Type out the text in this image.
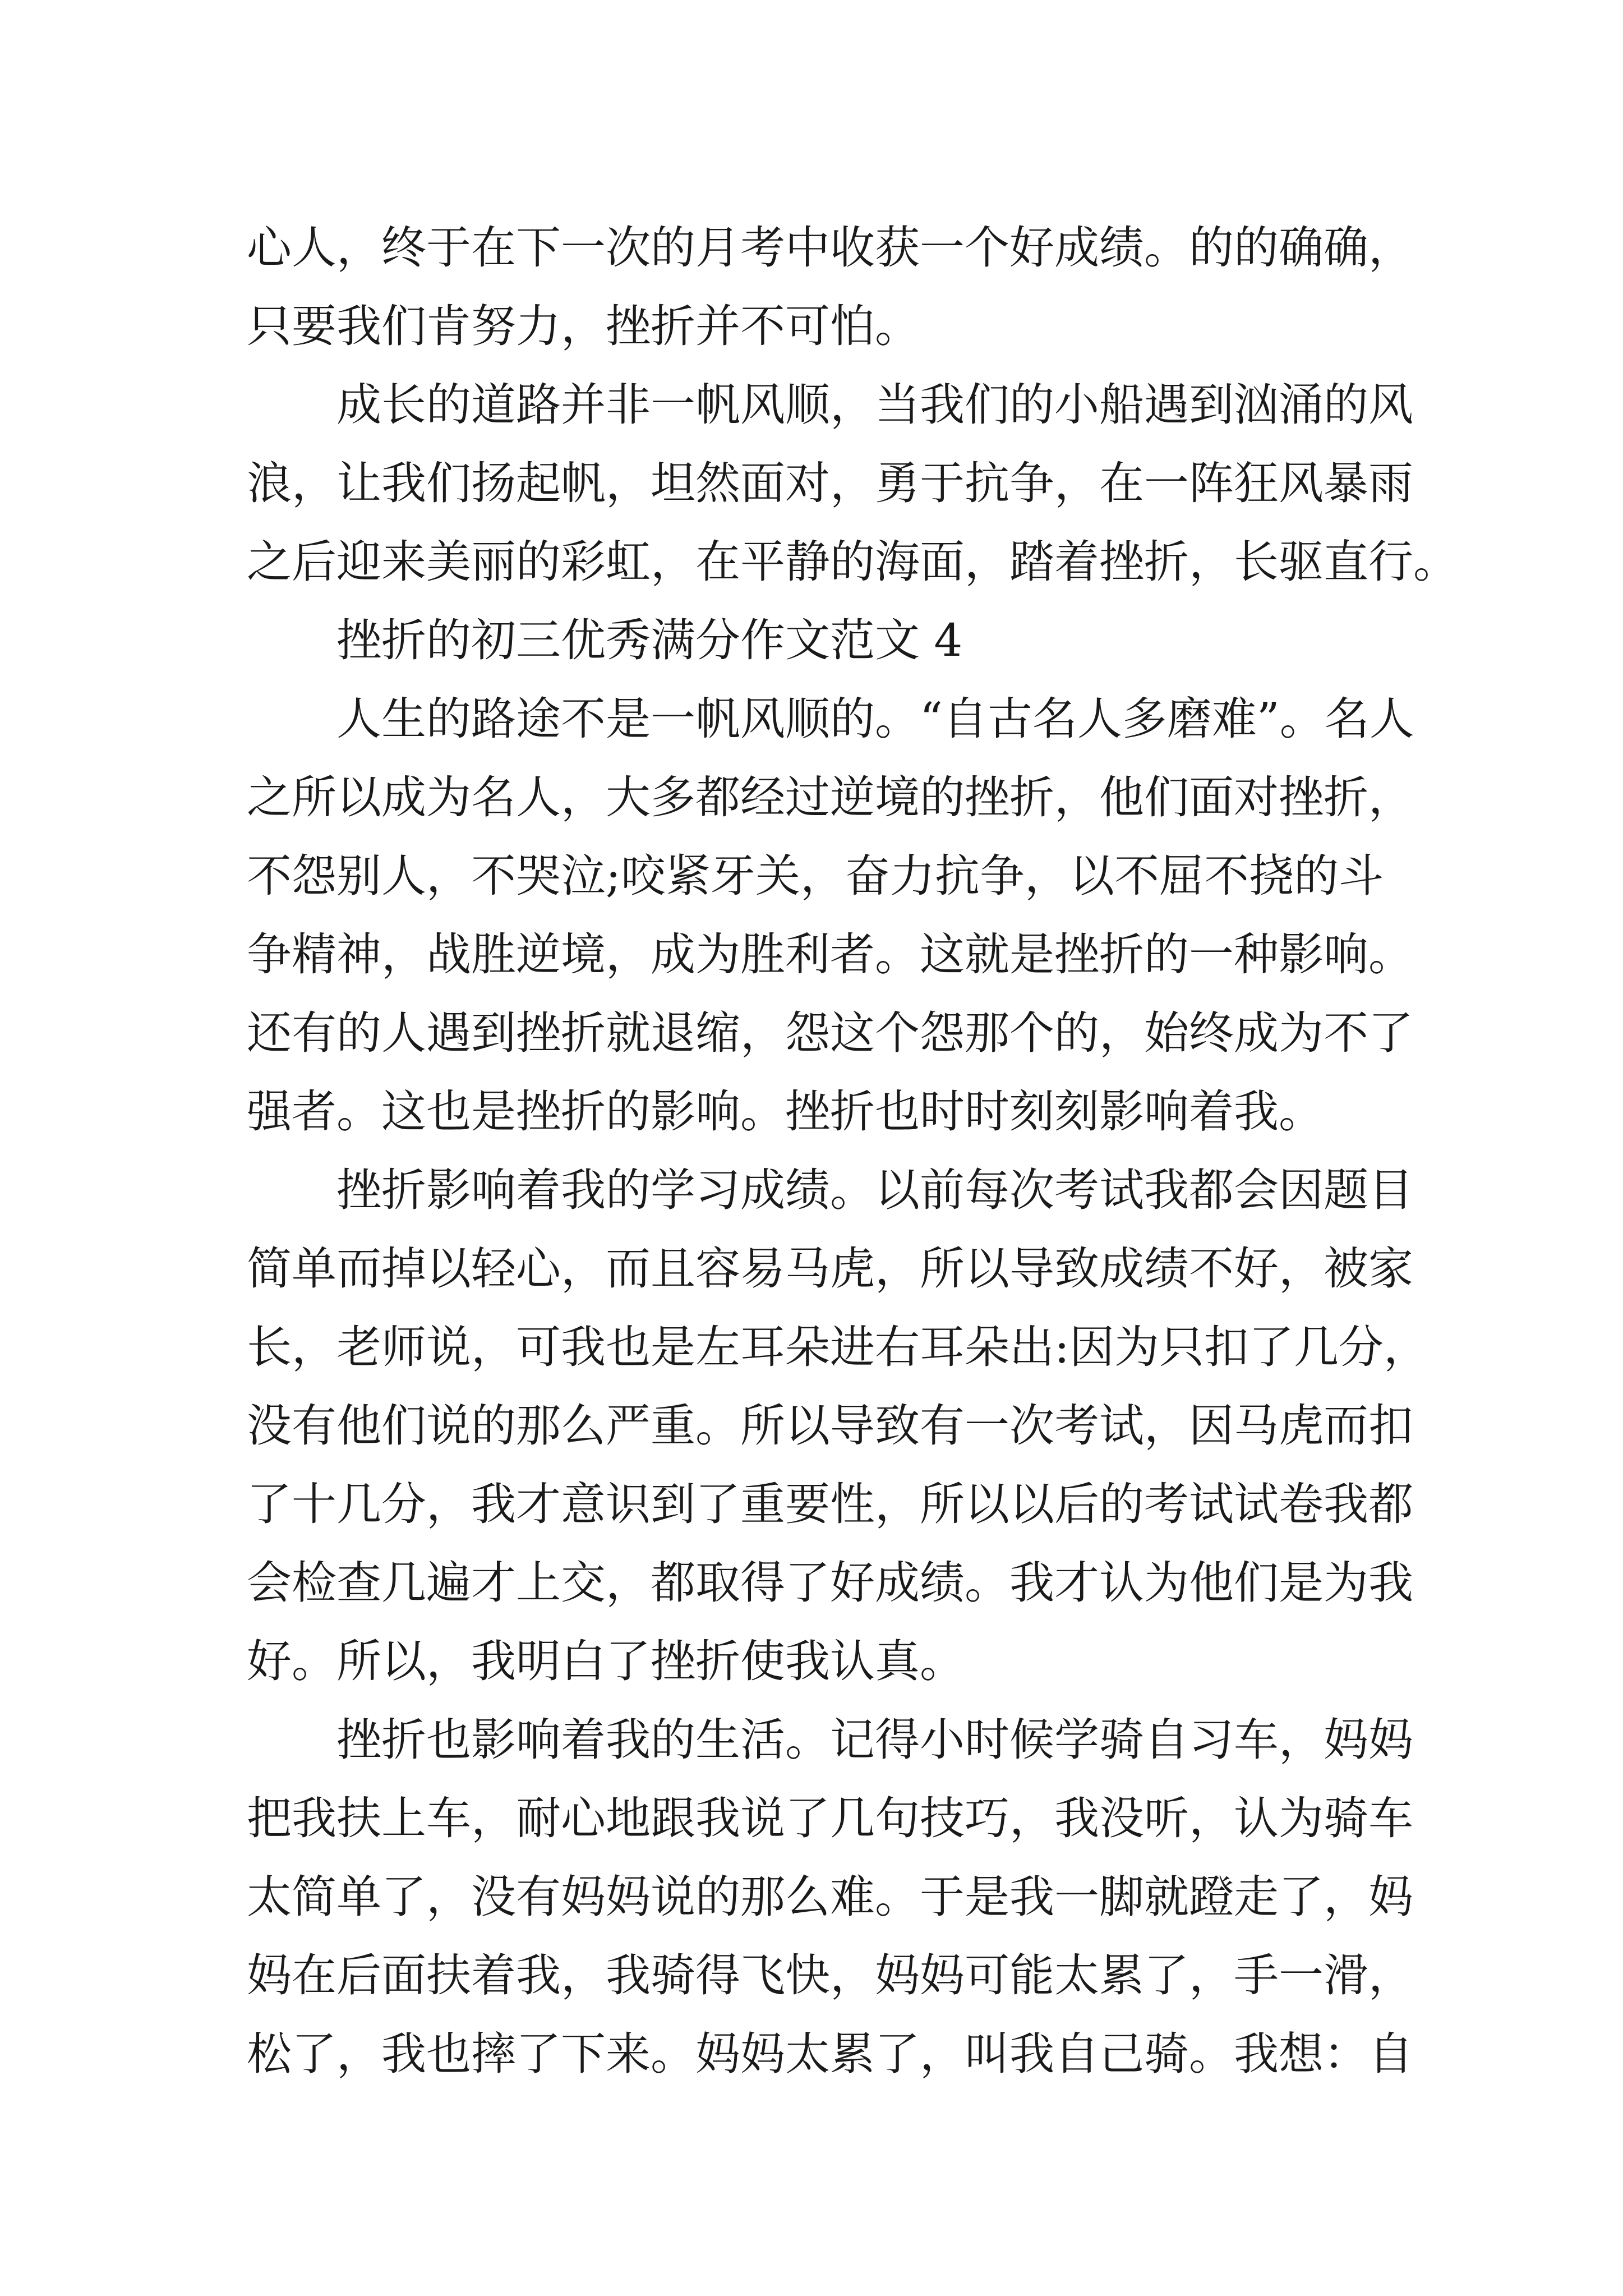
心人，终于在下一次的月考中收获一个好成绩。的的确确，

只要我们肯努力，挫折并不可怕。

成长的道路并非一帆风顺，当我们的小船遇到汹涌的风

浪，让我们扬起帆，坦然面对，勇于抗争，在一阵狂风暴雨

之后迎来美丽的彩虹，在平静的海面，踏着挫折，长驱直行。

挫折的初三优秀满分作文范文 4

人生的路途不是一帆风顺的。“自古名人多磨难”。名人

之所以成为名人，大多都经过逆境的挫折，他们面对挫折，

不怨别人，不哭泣;咬紧牙关，奋力抗争，以不屈不挠的斗

争精神，战胜逆境，成为胜利者。这就是挫折的一种影响。

还有的人遇到挫折就退缩，怨这个怨那个的，始终成为不了

强者。这也是挫折的影响。挫折也时时刻刻影响着我。

挫折影响着我的学习成绩。以前每次考试我都会因题目

简单而掉以轻心，而且容易马虎，所以导致成绩不好，被家

长，老师说，可我也是左耳朵进右耳朵出:因为只扣了几分，

没有他们说的那么严重。所以导致有一次考试，因马虎而扣

了十几分，我才意识到了重要性，所以以后的考试试卷我都

会检查几遍才上交，都取得了好成绩。我才认为他们是为我

好。所以，我明白了挫折使我认真。

挫折也影响着我的生活。记得小时候学骑自习车，妈妈

把我扶上车，耐心地跟我说了几句技巧，我没听，认为骑车

太简单了，没有妈妈说的那么难。于是我一脚就蹬走了，妈

妈在后面扶着我，我骑得飞快，妈妈可能太累了，手一滑，

松了，我也摔了下来。妈妈太累了，叫我自己骑。我想：自
